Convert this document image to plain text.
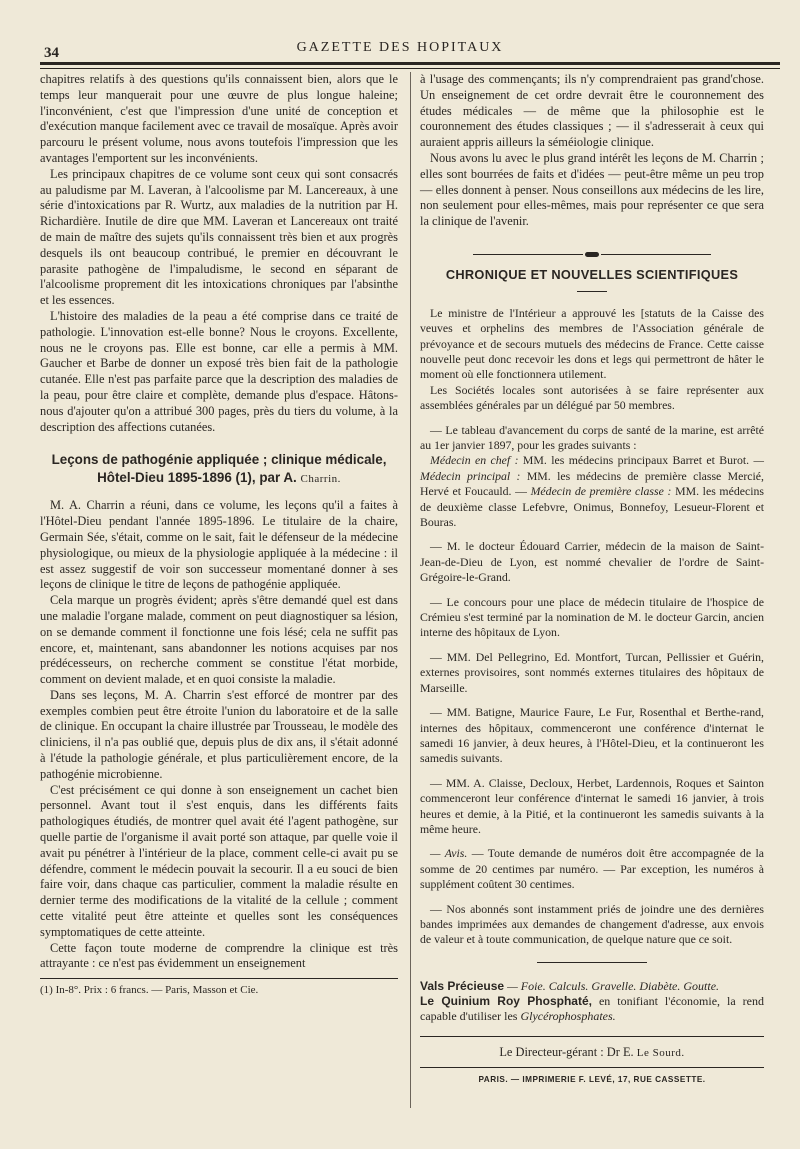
34	GAZETTE DES HOPITAUX

chapitres relatifs à des questions qu'ils connaissent bien, alors que le temps leur manquerait pour une œuvre de plus longue haleine; l'inconvénient, c'est que l'impression d'une unité de conception et d'exécution manque facilement avec ce travail de mosaïque. Après avoir parcouru le présent volume, nous avons toutefois l'impression que les avantages l'emportent sur les inconvénients.

Les principaux chapitres de ce volume sont ceux qui sont consacrés au paludisme par M. Laveran, à l'alcoolisme par M. Lancereaux, à une série d'intoxications par R. Wurtz, aux maladies de la nutrition par H. Richardière. Inutile de dire que MM. Laveran et Lancereaux ont traité de main de maître des sujets qu'ils connaissent très bien et aux progrès desquels ils ont beaucoup contribué, le premier en découvrant le parasite pathogène de l'impaludisme, le second en séparant de l'alcoolisme proprement dit les intoxications chroniques par l'absinthe et les essences.

L'histoire des maladies de la peau a été comprise dans ce traité de pathologie. L'innovation est-elle bonne? Nous le croyons. Excellente, nous ne le croyons pas. Elle est bonne, car elle a permis à MM. Gaucher et Barbe de donner un exposé très bien fait de la pathologie cutanée. Elle n'est pas parfaite parce que la description des maladies de la peau, pour être claire et complète, demande plus d'espace. Hâtons-nous d'ajouter qu'on a attribué 300 pages, près du tiers du volume, à la description des affections cutanées.

Leçons de pathogénie appliquée ; clinique médicale,
Hôtel-Dieu 1895-1896 (1), par A. Charrin.

M. A. Charrin a réuni, dans ce volume, les leçons qu'il a faites à l'Hôtel-Dieu pendant l'année 1895-1896. Le titulaire de la chaire, Germain Sée, s'était, comme on le sait, fait le défenseur de la médecine physiologique, ou mieux de la physiologie appliquée à la médecine : il est assez suggestif de voir son successeur momentané donner à ses leçons de clinique le titre de leçons de pathogénie appliquée.

Cela marque un progrès évident; après s'être demandé quel est dans une maladie l'organe malade, comment on peut diagnostiquer sa lésion, on se demande comment il fonctionne une fois lésé; cela ne suffit pas encore, et, maintenant, sans abandonner les notions acquises par nos prédécesseurs, on recherche comment se constitue l'état morbide, comment on devient malade, et en quoi consiste la maladie.

Dans ses leçons, M. A. Charrin s'est efforcé de montrer par des exemples combien peut être étroite l'union du laboratoire et de la salle de clinique. En occupant la chaire illustrée par Trousseau, le modèle des cliniciens, il n'a pas oublié que, depuis plus de dix ans, il s'était adonné à l'étude la pathologie générale, et plus particulièrement encore, de la pathogénie microbienne.

C'est précisément ce qui donne à son enseignement un cachet bien personnel. Avant tout il s'est enquis, dans les différents faits pathologiques étudiés, de montrer quel avait été l'agent pathogène, sur quelle partie de l'organisme il avait porté son attaque, par quelle voie il avait pu pénétrer à l'intérieur de la place, comment celle-ci avait pu se défendre, comment le médecin pouvait la secourir. Il a eu souci de bien faire voir, dans chaque cas particulier, comment la maladie résulte en dernier terme des modifications de la vitalité de la cellule ; comment cette vitalité peut être atteinte et quelles sont les conséquences symptomatiques de cette atteinte.

Cette façon toute moderne de comprendre la clinique est très attrayante : ce n'est pas évidemment un enseignement

(1) In-8°. Prix : 6 francs. — Paris, Masson et Cie.

à l'usage des commençants; ils n'y comprendraient pas grand'chose. Un enseignement de cet ordre devrait être le couronnement des études médicales — de même que la philosophie est le couronnement des études classiques ; — il s'adresserait à ceux qui auraient appris ailleurs la séméiologie clinique.

Nous avons lu avec le plus grand intérêt les leçons de M. Charrin ; elles sont bourrées de faits et d'idées — peut-être même un peu trop — elles donnent à penser. Nous conseillons aux médecins de les lire, non seulement pour elles-mêmes, mais pour représenter ce que sera la clinique de l'avenir.

CHRONIQUE ET NOUVELLES SCIENTIFIQUES

Le ministre de l'Intérieur a approuvé les [statuts de la Caisse des veuves et orphelins des membres de l'Association générale de prévoyance et de secours mutuels des médecins de France. Cette caisse nouvelle peut donc recevoir les dons et legs qui permettront de hâter le moment où elle fonctionnera utilement.

Les Sociétés locales sont autorisées à se faire représenter aux assemblées générales par un délégué par 50 membres.

— Le tableau d'avancement du corps de santé de la marine, est arrêté au 1er janvier 1897, pour les grades suivants :

Médecin en chef : MM. les médecins principaux Barret et Burot. — Médecin principal : MM. les médecins de première classe Mercié, Hervé et Foucauld. — Médecin de première classe : MM. les médecins de deuxième classe Lefebvre, Onimus, Bonnefoy, Lesueur-Florent et Bouras.

— M. le docteur Édouard Carrier, médecin de la maison de Saint-Jean-de-Dieu de Lyon, est nommé chevalier de l'ordre de Saint-Grégoire-le-Grand.

— Le concours pour une place de médecin titulaire de l'hospice de Crémieu s'est terminé par la nomination de M. le docteur Garcin, ancien interne des hôpitaux de Lyon.

— MM. Del Pellegrino, Ed. Montfort, Turcan, Pellissier et Guérin, externes provisoires, sont nommés externes titulaires des hôpitaux de Marseille.

— MM. Batigne, Maurice Faure, Le Fur, Rosenthal et Berthe-rand, internes des hôpitaux, commenceront une conférence d'internat le samedi 16 janvier, à deux heures, à l'Hôtel-Dieu, et la continueront les samedis suivants.

— MM. A. Claisse, Decloux, Herbet, Lardennois, Roques et Sainton commenceront leur conférence d'internat le samedi 16 janvier, à trois heures et demie, à la Pitié, et la continueront les samedis suivants à la même heure.

— Avis. — Toute demande de numéros doit être accompagnée de la somme de 20 centimes par numéro. — Par exception, les numéros à supplément coûtent 30 centimes.

— Nos abonnés sont instamment priés de joindre une des dernières bandes imprimées aux demandes de changement d'adresse, aux envois de valeur et à toute communication, de quelque nature que ce soit.

Vals Précieuse — Foie. Calculs. Gravelle. Diabète. Goutte.
Le Quinium Roy Phosphaté, en tonifiant l'économie, la rend capable d'utiliser les Glycérophosphates.
Le Directeur-gérant : Dr E. Le Sourd.
PARIS. — IMPRIMERIE F. LEVÉ, 17, RUE CASSETTE.
